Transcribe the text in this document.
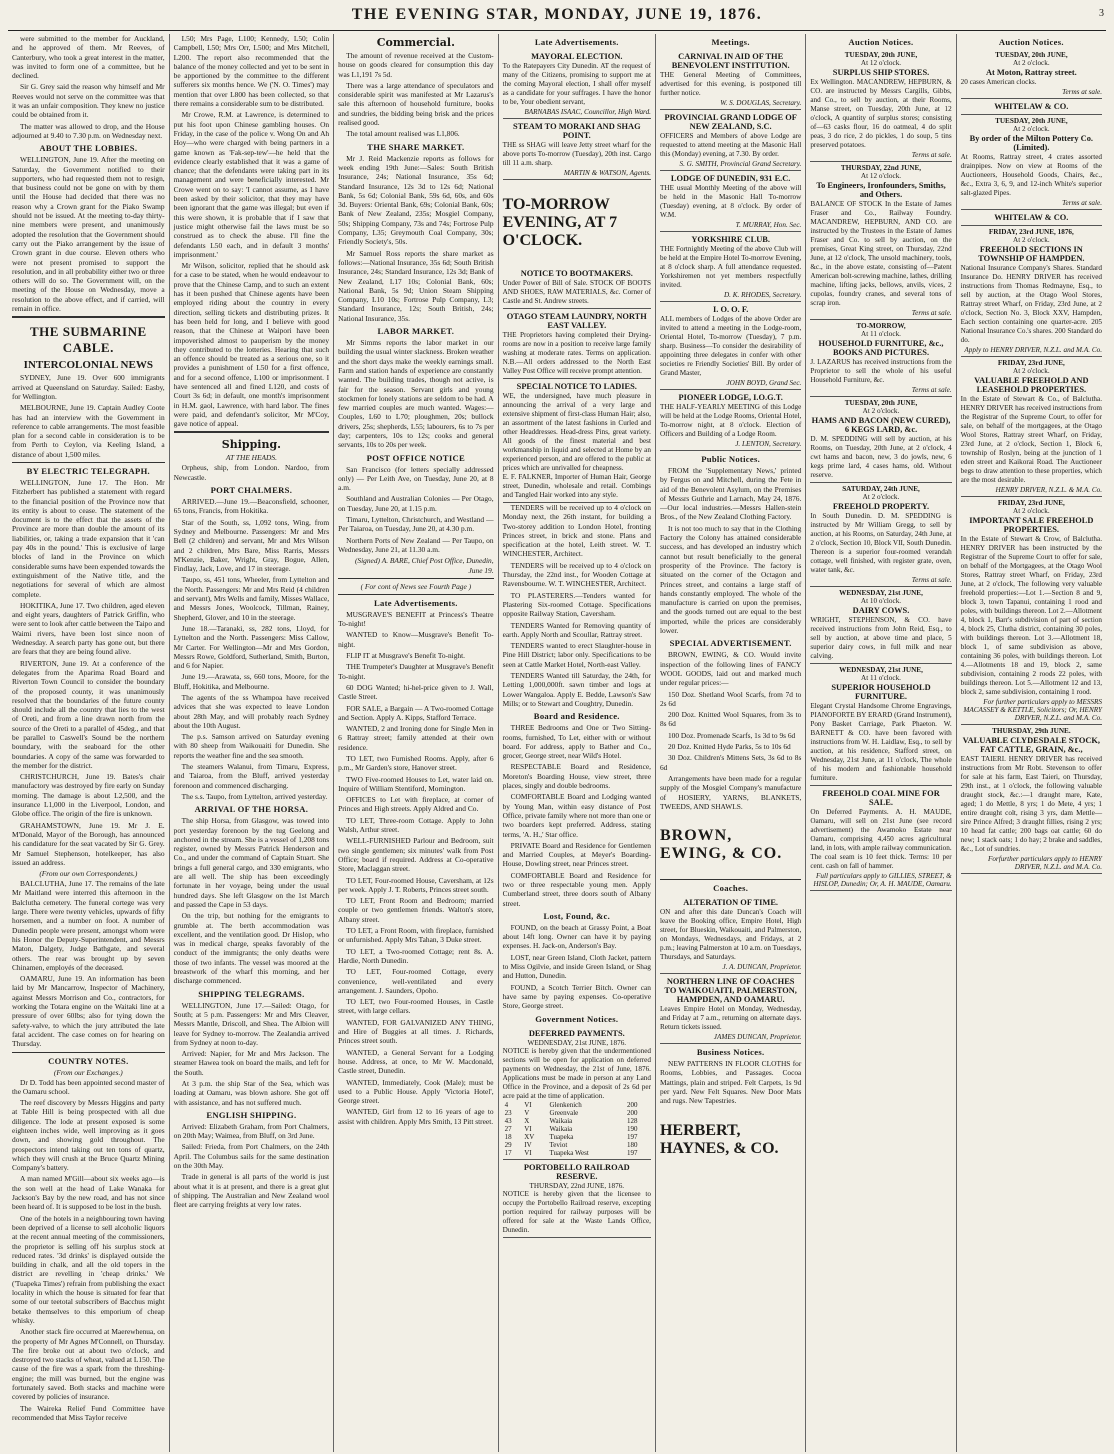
THE EVENING STAR, MONDAY, JUNE 19, 1876.	3

were submitted to the member for Auckland, and he approved of them. Mr Reeves, of Canterbury, who took a great interest in the matter, was invited to form one of a committee, but he declined.

Sir G. Grey said the reason why himself and Mr Reeves would not serve on the committee was that it was an unfair composition. They knew no justice could be obtained from it.

The matter was allowed to drop, and the House adjourned at 9.40 to 7.30 p.m. on Wednesday next.

ABOUT THE LOBBIES.

WELLINGTON, June 19. After the meeting on Saturday, the Government notified to their supporters, who had requested them not to resign, that business could not be gone on with by them until the House had decided that there was no reason why a Crown grant for the Piako Swamp should not be issued. At the meeting to-day thirty-nine members were present, and unanimously adopted the resolution that the Government should carry out the Piako arrangement by the issue of Crown grant in due course. Eleven others who were not present promised to support the resolution, and in all probability either two or three others will do so. The Government will, on the meeting of the House on Wednesday, move a resolution to the above effect, and if carried, will remain in office.

THE SUBMARINE CABLE.
INTERCOLONIAL NEWS

SYDNEY, June 19. Over 600 immigrants arrived at Queensland on Saturday. Sailed: Easby, for Wellington.

MELBOURNE, June 19. Captain Audley Coote has had an interview with the Government in reference to cable arrangements. The most feasible plan for a second cable in consideration is to be from Perth to Ceylon, via Keeling Island, a distance of about 1,500 miles.

BY ELECTRIC TELEGRAPH.

WELLINGTON, June 17. The Hon. Mr Fitzherbert has published a statement with regard to the financial position of the Province now that its entity is about to cease. The statement of the document is to the effect that the assets of the Province are more than double the amount of its liabilities, or, taking a trade expansion that it 'can pay 40s in the pound.' This is exclusive of large blocks of land in the Province on which considerable sums have been expended towards the extinguishment of the Native title, and the negotiations for several of which are almost complete.

HOKITIKA, June 17. Two children, aged eleven and eight years, daughters of Patrick Griffin, who were sent to look after cattle between the Taipo and Waimi rivers, have been lost since noon of Wednesday. A search party has gone out, but there are fears that they are being found alive.

RIVERTON, June 19. At a conference of the delegates from the Aparima Road Board and Riverton Town Council to consider the boundary of the proposed county, it was unanimously resolved that the boundaries of the future county should include all the country that lies to the west of Oreti, and from a line drawn north from the source of the Oreti to a parallel of 45deg., and that be parallel to Caswell's Sound be the northern boundary, with the seaboard for the other boundaries. A copy of the same was forwarded to the member for the district.

CHRISTCHURCH, June 19. Bates's chair manufactory was destroyed by fire early on Sunday morning. The damage is about L2,500, and the insurance L1,000 in the Liverpool, London, and Globe office. The origin of the fire is unknown.

GRAHAMSTOWN, June 19. Mr J. E. M'Donald, Mayor of the Borough, has announced his candidature for the seat vacated by Sir G. Grey. Mr Samuel Stephenson, hotelkeeper, has also issued an address.

(From our own Correspondents.)

BALCLUTHA, June 17. The remains of the late Mr Maitland were interred this afternoon in the Balclutha cemetery. The funeral cortege was very large. There were twenty vehicles, upwards of fifty horsemen, and a number on foot. A number of Dunedin people were present, amongst whom were his Honor the Deputy-Superintendent, and Messrs Maton, Dalgety, Judge Bathgate, and several others. The rear was brought up by seven Chinamen, employés of the deceased.

OAMARU, June 19. An information has been laid by Mr Mancarrow, Inspector of Machinery, against Messrs Morrison and Co., contractors, for working the Totara engine on the Waitaki line at a pressure of over 60lbs; also for tying down the safety-valve, to which the jury attributed the late fatal accident. The case comes on for hearing on Thursday.

COUNTRY NOTES.
(From our Exchanges.)

Dr D. Todd has been appointed second master of the Oamaru school.

The reef discovery by Messrs Higgins and party at Table Hill is being prospected with all due diligence. The lode at present exposed is some eighteen inches wide, well improving as it goes down, and showing gold throughout. The prospectors intend taking out ten tons of quartz, which they will crush at the Bruce Quartz Mining Company's battery.

A man named M'Gill—about six weeks ago—is the son well at the head of Lake Wanaka for Jackson's Bay by the new road, and has not since been heard of. It is supposed to be lost in the bush.

One of the hotels in a neighbouring town having been deprived of a license to sell alcoholic liquors at the recent annual meeting of the commissioners, the proprietor is selling off his surplus stock at reduced rates. '3d drinks' is displayed outside the building in chalk, and all the old topers in the district are revelling in 'cheap drinks.' We ('Tuapeka Times') refrain from publishing the exact locality in which the house is situated for fear that some of our teetotal subscribers of Bacchus might betake themselves to this emporium of cheap whisky.

Another stack fire occurred at Maerewhenua, on the property of Mr Agnes M'Connell, on Thursday. The fire broke out at about two o'clock, and destroyed two stacks of wheat, valued at L150. The cause of the fire was a spark from the threshing-engine; the mill was burned, but the engine was fortunately saved. Both stacks and machine were covered by policies of insurance.

The Waireka Relief Fund Committee have recommended that Miss Taylor receive

L50; Mrs Page, L100; Kennedy, L50; Colin Campbell, L50; Mrs Orr, L500; and Mrs Mitchell, L200. The report also recommended that the balance of the money collected and yet to be sent in be apportioned by the committee to the different sufferers six months hence. We ('N. O. Times') may mention that over L800 has been collected, so that there remains a considerable sum to be distributed.

Mr Crowe, R.M. at Lawrence, is determined to put his foot upon Chinese gambling houses. On Friday, in the case of the police v. Wong On and Ah Hoy—who were charged with being partners in a game known as 'Fak-sep-tew'—he held that the evidence clearly established that it was a game of chance; that the defendants were taking part in its management and were beneficially interested. Mr Crowe went on to say: 'I cannot assume, as I have been asked by their solicitor, that they may have been ignorant that the game was illegal; but even if this were shown, it is probable that if I saw that justice might otherwise fail the laws must be so construed as to check the abuse. I'll fine the defendants L50 each, and in default 3 months' imprisonment.'

Mr Wilson, solicitor, replied that he should ask for a case to be stated, when he would endeavour to prove that the Chinese Camp, and to such an extent has it been pushed that Chinese agents have been employed riding about the country in every direction, selling tickets and distributing prizes. It has been held for long, and I believe with good reason, that the Chinese at Waipori have been impoverished almost to pauperism by the money they contributed to the lotteries. Hearing that such an offence should be treated as a serious one, so it provides a punishment of L50 for a first offence, and for a second offence, L100 or imprisonment. I have sentenced all and fined L120, and costs of Court 3s 6d; in default, one month's imprisonment in H.M. gaol, Lawrence, with hard labor. The fines were paid, and defendant's solicitor, Mr M'Coy, gave notice of appeal.

Shipping.
AT THE HEADS.

Orpheus, ship, from London. Nardoo, from Newcastle.

PORT CHALMERS.

ARRIVED.—June 19.—Beaconsfield, schooner, 65 tons, Francis, from Hokitika.

Star of the South, ss, 1,092 tons, Wing, from Sydney and Melbourne. Passengers: Mr and Mrs Bell (2 children) and servant, Mr and Mrs Wilson and 2 children, Mrs Bare, Miss Rarris, Messrs M'Kenzie, Baker, Wright, Gray, Bogue, Allen, Findlay, Jack, Love, and 17 in steerage.

Taupo, ss, 451 tons, Wheeler, from Lyttelton and the North. Passengers: Mr and Mrs Reid (4 children and servant), Mrs Wells and family, Misses Wallace, and Messrs Jones, Woolcock, Tillman, Rainey, Shepherd, Glover, and 10 in the steerage.

June 18.—Taranaki, ss, 282 tons, Lloyd, for Lyttelton and the North. Passengers: Miss Callow, Mr Carter. For Wellington—Mr and Mrs Gordon, Messrs Rowe, Goldford, Sutherland, Smith, Burton, and 6 for Napier.

June 19.—Arawata, ss, 660 tons, Moore, for the Bluff, Hokitika, and Melbourne.

The agents of the ss Whampoa have received advices that she was expected to leave London about 28th May, and will probably reach Sydney about the 10th August.

The p.s. Samson arrived on Saturday evening with 80 sheep from Waikouaiti for Dunedin. She reports the weather fine and the sea smooth.

The steamers Walanui, from Timaru, Express, and Taiaroa, from the Bluff, arrived yesterday forenoon and commenced discharging.

The s.s. Taupo, from Lyttelton, arrived yesterday.

ARRIVAL OF THE HORSA.

The ship Horsa, from Glasgow, was towed into port yesterday forenoon by the tug Geelong and anchored in the stream. She is a vessel of 1,208 tons register, owned by Messrs Patrick Henderson and Co., and under the command of Captain Stuart. She brings a full general cargo, and 330 emigrants, who are all well. The ship has been exceedingly fortunate in her voyage, being under the usual hundred days. She left Glasgow on the 1st March and passed the Cape in 53 days.

On the trip, but nothing for the emigrants to grumble at. The berth accommodation was excellent, and the ventilation good. Dr Hislop, who was in medical charge, speaks favorably of the conduct of the immigrants; the only deaths were those of two infants. The vessel was moored at the breastwork of the wharf this morning, and her discharge commenced.

SHIPPING TELEGRAMS.

WELLINGTON, June 17.—Sailed: Otago, for South; at 5 p.m. Passengers: Mr and Mrs Cleaver, Messrs Mantle, Driscoll, and Shea. The Albion will leave for Sydney to-morrow. The Zealandia arrived from Sydney at noon to-day.

Arrived: Napier, for Mr and Mrs Jackson. The steamer Hawea took on board the mails, and left for the South.

At 3 p.m. the ship Star of the Sea, which was loading at Oamaru, was blown ashore. She got off with assistance, and has not suffered much.

ENGLISH SHIPPING.

Arrived: Elizabeth Graham, from Port Chalmers, on 20th May; Waimea, from Bluff, on 3rd June.

Sailed: Frieda, from Port Chalmers, on the 24th April. The Columbus sails for the same destination on the 30th May.

Trade in general is all parts of the world is just about what it is at present, and there is a great glut of shipping. The Australian and New Zealand wool fleet are carrying freights at very low rates.

Commercial.

The amount of revenue received at the Custom-house on goods cleared for consumption this day was L1,191 7s 5d.

There was a large attendance of speculators and considerable spirit was manifested at Mr Lazarus's sale this afternoon of household furniture, books and sundries, the bidding being brisk and the prices realised good.

The total amount realised was L1,806.

THE SHARE MARKET.

Mr J. Reid Mackenzie reports as follows for week ending 19th June:—Sales: South British Insurance, 24s; National Insurance, 35s 6d; Standard Insurance, 12s 3d to 12s 6d; National Bank, 5s 6d; Colonial Bank, 59s 6d, 60s, and 60s 3d. Buyers: Oriental Bank, 69s; Colonial Bank, 60s; Bank of New Zealand, 235s; Mosgiel Company, 50s; Shipping Company, 73s and 74s; Fortrose Pulp Company, L35; Greymouth Coal Company, 30s; Friendly Society's, 50s.

Mr Samuel Ross reports the share market as follows:—National Insurance, 35s 6d; South British Insurance, 24s; Standard Insurance, 12s 3d; Bank of New Zealand, L17 10s; Colonial Bank, 60s; National Bank, 5s 9d; Union Steam Shipping Company, L10 10s; Fortrose Pulp Company, L3; Standard Insurance, 12s; South British, 24s; National Insurance, 35s.

LABOR MARKET.

Mr Simms reports the labor market in our building the usual winter slackness. Broken weather and the short days make the weekly earnings small. Farm and station hands of experience are constantly wanted. The building trades, though not active, is fair for the season. Servant girls and young stockmen for lonely stations are seldom to be had. A few married couples are much wanted. Wages:—Couples, L60 to L70; ploughmen, 20s; bullock drivers, 25s; shepherds, L55; labourers, 6s to 7s per day; carpenters, 10s to 12s; cooks and general servants, 10s to 20s per week.

POST OFFICE NOTICE

San Francisco (for letters specially addressed only) — Per Leith Ave, on Tuesday, June 20, at 8 a.m.

Southland and Australian Colonies — Per Otago, on Tuesday, June 20, at 1.15 p.m.

Timaru, Lyttelton, Christchurch, and Westland — Per Taiaroa, on Tuesday, June 20, at 4.30 p.m.

Northern Ports of New Zealand — Per Taupo, on Wednesday, June 21, at 11.30 a.m.

(Signed) A. BARE, Chief Post Office, Dunedin, June 19.

( For cont of News see Fourth Page )

Late Advertisements.

MUSGRAVE'S BENEFIT at Princess's Theatre To-night!

WANTED to Know—Musgrave's Benefit To-night.

FLIP IT at Musgrave's Benefit To-night.

THE Trumpeter's Daughter at Musgrave's Benefit To-night.

60 DOG Wanted; hi-hel-price given to J. Wall, Castle Street.

FOR SALE, a Bargain — A Two-roomed Cottage and Section. Apply A. Kipps, Stafford Terrace.

WANTED, 2 and Ironing done for Single Men in 6 Rattray street; family attended at their own residence.

TO LET, two Furnished Rooms. Apply, after 6 p.m., Mr Garden's store, Hanover street.

TWO Five-roomed Houses to Let, water laid on. Inquire of William Stentiford, Mornington.

OFFICES to Let with fireplace, at corner of Princes and High streets. Apply Aldred and Co.

TO LET, Three-room Cottage. Apply to John Walsh, Arthur street.

WELL-FURNISHED Parlour and Bedroom, suit two single gentlemen; six minutes' walk from Post Office; board if required. Address at Co-operative Store, Maclaggan street.

TO LET, Four-roomed House, Caversham, at 12s per week. Apply J. T. Roberts, Princes street south.

TO LET, Front Room and Bedroom; married couple or two gentlemen friends. Walton's store, Albany street.

TO LET, a Front Room, with fireplace, furnished or unfurnished. Apply Mrs Tahan, 3 Duke street.

TO LET, a Two-roomed Cottage; rent 8s. A. Hardie, North Dunedin.

TO LET, Four-roomed Cottage, every convenience, well-ventilated and every arrangement. J. Saunders, Opoho.

TO LET, two Four-roomed Houses, in Castle street, with large cellars.

WANTED, FOR GALVANIZED ANY THING, and Hire of Buggies at all times. J. Richards, Princes street south.

WANTED, a General Servant for a Lodging house. Address, at once, to Mr W. Macdonald, Castle street, Dunedin.

WANTED, Immediately, Cook (Male); must be used to a Public House. Apply 'Victoria Hotel', George street.

WANTED, Girl from 12 to 16 years of age to assist with children. Apply Mrs Smith, 13 Pitt street.

Late Advertisements.

MAYORAL ELECTION.

To the Ratepayers City Dunedin. AT the request of many of the Citizens, promising to support me at the coming Mayoral election, I shall offer myself as a candidate for your suffrages. I have the honor to be, Your obedient servant,

BARNABAS ISAAC, Councillor, High Ward.

STEAM TO MORAKI AND SHAG POINT.

THE ss SHAG will leave Jetty street wharf for the above ports To-morrow (Tuesday), 20th inst. Cargo till 11 a.m. sharp.

MARTIN & WATSON, Agents.

TO-MORROW EVENING, AT 7 O'CLOCK.

NOTICE TO BOOTMAKERS.

Under Power of Bill of Sale. STOCK OF BOOTS AND SHOES, RAW MATERIALS, &c. Corner of Castle and St. Andrew streets.

OTAGO STEAM LAUNDRY, NORTH EAST VALLEY.

THE Proprietors having completed their Drying-rooms are now in a position to receive large family washing at moderate rates. Terms on application. N.B.—All orders addressed to the North East Valley Post Office will receive prompt attention.

SPECIAL NOTICE TO LADIES.

WE, the undersigned, have much pleasure in announcing the arrival of a very large and extensive shipment of first-class Human Hair; also, an assortment of the latest fashions in Curled and other Headdresses. Head-dress Pins, great variety. All goods of the finest material and best workmanship in liquid and selected at Home by an experienced person, and are offered to the public at prices which are unrivalled for cheapness.

E. F. FALKNER, Importer of Human Hair, George street, Dunedin, wholesale and retail. Combings and Tangled Hair worked into any style.

TENDERS will be received up to 4 o'clock on Monday next, the 26th instant, for building a Two-storey addition to London Hotel, fronting Princes street, in brick and stone. Plans and specification at the hotel, Leith street. W. T. WINCHESTER, Architect.

TENDERS will be received up to 4 o'clock on Thursday, the 22nd inst., for Wooden Cottage at Ravensbourne. W. T. WINCHESTER, Architect.

TO PLASTERERS.—Tenders wanted for Plastering Six-roomed Cottage. Specifications opposite Railway Station, Caversham.

TENDERS Wanted for Removing quantity of earth. Apply North and Scoullar, Rattray street.

TENDERS wanted to erect Slaughter-house in Pine Hill District; labor only. Specifications to be seen at Cattle Market Hotel, North-east Valley.

TENDERS Wanted till Saturday, the 24th, for Letting 1,000,000ft. sawn timber and logs at Lower Wangaloa. Apply E. Bedde, Lawson's Saw Mills; or to Stewart and Coughtry, Dunedin.

Board and Residence.

THREE Bedrooms and One or Two Sitting-rooms, furnished, To Let, either with or without board. For address, apply to Bather and Co., grocer, George street, near Wild's Hotel.

RESPECTABLE Board and Residence, Moreton's Boarding House, view street, three places, singly and double bedrooms.

COMFORTABLE Board and Lodging wanted by Young Man, within easy distance of Post Office, private family where not more than one or two boarders kept preferred. Address, stating terms, 'A. H.,' Star office.

PRIVATE Board and Residence for Gentlemen and Married Couples, at Meyer's Boarding-House, Dowling street, near Princes street.

COMFORTABLE Board and Residence for two or three respectable young men. Apply Cumberland street, three doors south of Albany street.

Lost, Found, &c.

FOUND, on the beach at Grassy Point, a Boat about 14ft long. Owner can have it by paying expenses. H. Jack-on, Anderson's Bay.

LOST, near Green Island, Cloth Jacket, pattern to Miss Ogilvie, and inside Green Island, or Shag and Hutton, Dunedin.

FOUND, a Scotch Terrier Bitch. Owner can have same by paying expenses. Co-operative Store, George street.

Government Notices.

DEFERRED PAYMENTS.

WEDNESDAY, 21st JUNE, 1876.

NOTICE is hereby given that the undermentioned sections will be open for application on deferred payments on Wednesday, the 21st of June, 1876. Applications must be made in person at any Land Office in the Province, and a deposit of 2s 6d per acre paid at the time of application.

4	VI	Glenkenich	200
23	V	Greenvale	200
43	X	Waikaia	128
27	VI	Waikaia	190
18	XV	Tuapeka	197
29	IV	Teviot	180
17	VI	Tuapeka West	197

PORTOBELLO RAILROAD RESERVE.

THURSDAY, 22nd JUNE, 1876.

NOTICE is hereby given that the licensee to occupy the Portobello Railroad reserve, excepting portion required for railway purposes will be offered for sale at the Waste Lands Office, Dunedin.

Meetings.

CARNIVAL IN AID OF THE BENEVOLENT INSTITUTION.

THE General Meeting of Committees, advertised for this evening, is postponed till further notice.

W. S. DOUGLAS, Secretary.

PROVINCIAL GRAND LODGE OF NEW ZEALAND, S.C.

OFFICERS and Members of above Lodge are requested to attend meeting at the Masonic Hall this (Monday) evening, at 7.30. By order.

S. G. SMITH, Provincial Grand Secretary.

LODGE OF DUNEDIN, 931 E.C.

THE usual Monthly Meeting of the above will be held in the Masonic Hall To-morrow (Tuesday) evening, at 8 o'clock. By order of W.M.

T. MURRAY, Hon. Sec.

YORKSHIRE CLUB.

THE Fortnightly Meeting of the above Club will be held at the Empire Hotel To-morrow Evening, at 8 o'clock sharp. A full attendance requested. Yorkshiremen not yet members respectfully invited.

D. K. RHODES, Secretary.

I. O. O. F.

ALL members of Lodges of the above Order are invited to attend a meeting in the Lodge-room, Oriental Hotel, To-morrow (Tuesday), 7 p.m. sharp. Business—To consider the desirability of appointing three delegates in confer with other societies re Friendly Societies' Bill. By order of Grand Master,

JOHN BOYD, Grand Sec.

PIONEER LODGE, I.O.G.T.

THE HALF-YEARLY MEETING of this Lodge will be held at the Lodge Rooms, Oriental Hotel, To-morrow night, at 8 o'clock. Election of Officers and Building of a Lodge Room.

J. LENTON, Secretary.

Public Notices.

FROM the 'Supplementary News,' printed by Fergus on and Mitchell, during the Fete in aid of the Benevolent Asylum, on the Premises of Messrs Guthrie and Larnach, May 24, 1876.—Our local industries.—Messrs Hallen-stein Bros., of the New Zealand Clothing Factory.

It is not too much to say that in the Clothing Factory the Colony has attained considerable success, and has developed an industry which cannot but result beneficially to the general prosperity of the Province. The factory is situated on the corner of the Octagon and Princes street, and contains a large staff of hands constantly employed. The whole of the manufacture is carried on upon the premises, and the goods turned out are equal to the best imported, while the prices are considerably lower.

SPECIAL ADVERTISEMENT.

BROWN, EWING, & CO. Would invite inspection of the following lines of FANCY WOOL GOODS, laid out and marked much under regular prices:—

150 Doz. Shetland Wool Scarfs, from 7d to 2s 6d

200 Doz. Knitted Wool Squares, from 3s to 8s 6d

100 Doz. Promenade Scarfs, 1s 3d to 9s 6d

20 Doz. Knitted Hyde Parks, 5s to 10s 6d

30 Doz. Children's Mittens Sets, 3s 6d to 8s 6d

Arrangements have been made for a regular supply of the Mosgiel Company's manufacture of HOSIERY, YARNS, BLANKETS, TWEEDS, AND SHAWLS.

BROWN, EWING, & CO.

Coaches.

ALTERATION OF TIME.

ON and after this date Duncan's Coach will leave the Booking office, Empire Hotel, High street, for Blueskin, Waikouaiti, and Palmerston, on Mondays, Wednesdays, and Fridays, at 2 p.m.; leaving Palmerston at 10 a.m. on Tuesdays, Thursdays, and Saturdays.

J. A. DUNCAN, Proprietor.

NORTHERN LINE OF COACHES TO WAIKOUAITI, PALMERSTON, HAMPDEN, AND OAMARU.

Leaves Empire Hotel on Monday, Wednesday, and Friday at 7 a.m., returning on alternate days. Return tickets issued.

JAMES DUNCAN, Proprietor.

Business Notices.

NEW PATTERNS IN FLOOR CLOTHS for Rooms, Lobbies, and Passages. Cocoa Mattings, plain and striped. Felt Carpets, 1s 9d per yard. New Felt Squares. New Door Mats and rugs. New Tapestries.

HERBERT, HAYNES, & CO.

Auction Notices.

TUESDAY, 20th JUNE,

At 12 o'clock.

SURPLUS SHIP STORES.

Ex Wellington. MACANDREW, HEPBURN, & CO. are instructed by Messrs Cargills, Gibbs, and Co., to sell by auction, at their Rooms, Manse street, on Tuesday, 20th June, at 12 o'clock, A quantity of surplus stores; consisting of—63 casks flour, 16 do oatmeal, 4 do split peas, 3 do rice, 2 do pickles, 1 do soup, 5 tins preserved potatoes.

Terms at sale.

THURSDAY, 22nd JUNE,

At 12 o'clock.

To Engineers, Ironfounders, Smiths, and Others.

BALANCE OF STOCK In the Estate of James Fraser and Co., Railway Foundry. MACANDREW, HEPBURN, AND CO. are instructed by the Trustees in the Estate of James Fraser and Co. to sell by auction, on the premises, Great King street, on Thursday, 22nd June, at 12 o'clock, The unsold machinery, tools, &c., in the above estate, consisting of—Patent American bolt-screwing machine, lathes, drilling machine, lifting jacks, bellows, anvils, vices, 2 cupolas, foundry cranes, and several tons of scrap iron.

Terms at sale.

TO-MORROW,

At 11 o'clock.

HOUSEHOLD FURNITURE, &c., BOOKS AND PICTURES.

J. LAZARUS has received instructions from the Proprietor to sell the whole of his useful Household Furniture, &c.

Terms at sale.

TUESDAY, 20th JUNE,

At 2 o'clock.

HAMS AND BACON (NEW CURED), 6 KEGS LARD, &c.

D. M. SPEDDING will sell by auction, at his Rooms, on Tuesday, 20th June, at 2 o'clock, 4 cwt hams and bacon, new, 3 do jowls, new, 6 kegs prime lard, 4 cases hams, old. Without reserve.

SATURDAY, 24th JUNE,

At 2 o'clock.

FREEHOLD PROPERTY.

In South Dunedin. D. M. SPEDDING is instructed by Mr William Gregg, to sell by auction, at his Rooms, on Saturday, 24th June, at 2 o'clock, Section 10, Block VII, South Dunedin. Thereon is a superior four-roomed verandah cottage, well finished, with register grate, oven, water tank, &c.

Terms at sale.

WEDNESDAY, 21st JUNE,

At 10 o'clock.

DAIRY COWS.

WRIGHT, STEPHENSON, & CO. have received instructions from John Reid, Esq., to sell by auction, at above time and place, 5 superior dairy cows, in full milk and near calving.

WEDNESDAY, 21st JUNE,

At 11 o'clock.

SUPERIOR HOUSEHOLD FURNITURE.

Elegant Crystal Handsome Chrome Engravings, PIANOFORTE BY ERARD (Grand Instrument), Pony Basket Carriage, Park Phaeton. W. BARNETT & CO. have been favored with instructions from W. H. Laidlaw, Esq., to sell by auction, at his residence, Stafford street, on Wednesday, 21st June, at 11 o'clock, The whole of his modern and fashionable household furniture.

FREEHOLD COAL MINE FOR SALE.

On Deferred Payments. A. H. MAUDE, Oamaru, will sell on 21st June (see record advertisement) the Awamoko Estate near Oamaru, comprising 4,450 acres agricultural land, in lots, with ample railway communication. The coal seam is 10 feet thick. Terms: 10 per cent. cash on fall of hammer.

Full particulars apply to GILLIES, STREET, & HISLOP, Dunedin; Or, A. H. MAUDE, Oamaru.

Auction Notices.

TUESDAY, 20th JUNE,

At 2 o'clock.

At Moton, Rattray street.

20 cases American clocks.

Terms at sale.

WHITELAW & CO.

TUESDAY, 20th JUNE,

At 2 o'clock.

By order of the Milton Pottery Co. (Limited).

At Rooms, Rattray street, 4 crates assorted drainpipes. Now on view at Rooms of the Auctioneers, Household Goods, Chairs, &c., &c., Extra 3, 6, 9, and 12-inch White's superior salt-glazed Pipes.

Terms at sale.

WHITELAW & CO.

FRIDAY, 23rd JUNE, 1876,

At 2 o'clock.

FREEHOLD SECTIONS IN TOWNSHIP OF HAMPDEN.

National Insurance Company's Shares. Standard Insurance Do. HENRY DRIVER has received instructions from Thomas Redmayne, Esq., to sell by auction, at the Otago Wool Stores, Rattray street Wharf, on Friday, 23rd June, at 2 o'clock, Section No. 3, Block XXV, Hampden, Each section containing one quarter-acre. 205 National Insurance Co.'s shares. 200 Standard do do.

Apply to HENRY DRIVER, N.Z.L. and M.A. Co.

FRIDAY, 23rd JUNE,

At 2 o'clock.

VALUABLE FREEHOLD AND LEASEHOLD PROPERTIES.

In the Estate of Stewart & Co., of Balclutha. HENRY DRIVER has received instructions from the Registrar of the Supreme Court, to offer for sale, on behalf of the mortgagees, at the Otago Wool Stores, Rattray street Wharf, on Friday, 23rd June, at 2 o'clock, Section 1, Block 6, township of Roslyn, being at the junction of 1 eden street and Kaikorai Road. The Auctioneer begs to draw attention to these properties, which are the most desirable.

HENRY DRIVER, N.Z.L. & M.A. Co.

FRIDAY, 23rd JUNE,

At 2 o'clock.

IMPORTANT SALE FREEHOLD PROPERTIES.

In the Estate of Stewart & Crow, of Balclutha. HENRY DRIVER has been instructed by the Registrar of the Supreme Court to offer for sale, on behalf of the Mortgagees, at the Otago Wool Stores, Rattray street Wharf, on Friday, 23rd June, at 2 o'clock, The following very valuable freehold properties:—Lot 1.—Section 8 and 9, block 3, town Tapanui, containing 1 rood and poles, with buildings thereon. Lot 2.—Allotment 4, block 1, Barr's subdivision of part of section 4, block 25, Clutha district, containing 30 poles, with buildings thereon. Lot 3.—Allotment 18, block 1, of same subdivision as above, containing 36 poles, with buildings thereon. Lot 4.—Allotments 18 and 19, block 2, same subdivision, containing 2 roods 22 poles, with buildings thereon. Lot 5.—Allotment 12 and 13, block 2, same subdivision, containing 1 rood.

For further particulars apply to MESSRS MACASSEY & KETTLE, Solicitors; Or, HENRY DRIVER, N.Z.L. and M.A. Co.

THURSDAY, 29th JUNE.

VALUABLE CLYDESDALE STOCK, FAT CATTLE, GRAIN, &c.,

EAST TAIERI. HENRY DRIVER has received instructions from Mr Robt. Stevenson to offer for sale at his farm, East Taieri, on Thursday, 29th inst., at 1 o'clock, the following valuable draught stock, &c.:—1 draught mare, Kate, aged; 1 do Mettle, 8 yrs; 1 do Mete, 4 yrs; 1 entire draught colt, rising 3 yrs, dam Mettle—sire Prince Alfred; 3 draught fillies, rising 2 yrs; 10 head fat cattle; 200 bags oat cattle; 60 do new; 1 stack oats; 1 do hay; 2 brake and saddles, &c., Lot of sundries.

Forfurther particulars apply to HENRY DRIVER, N.Z.L. and M.A. Co.
